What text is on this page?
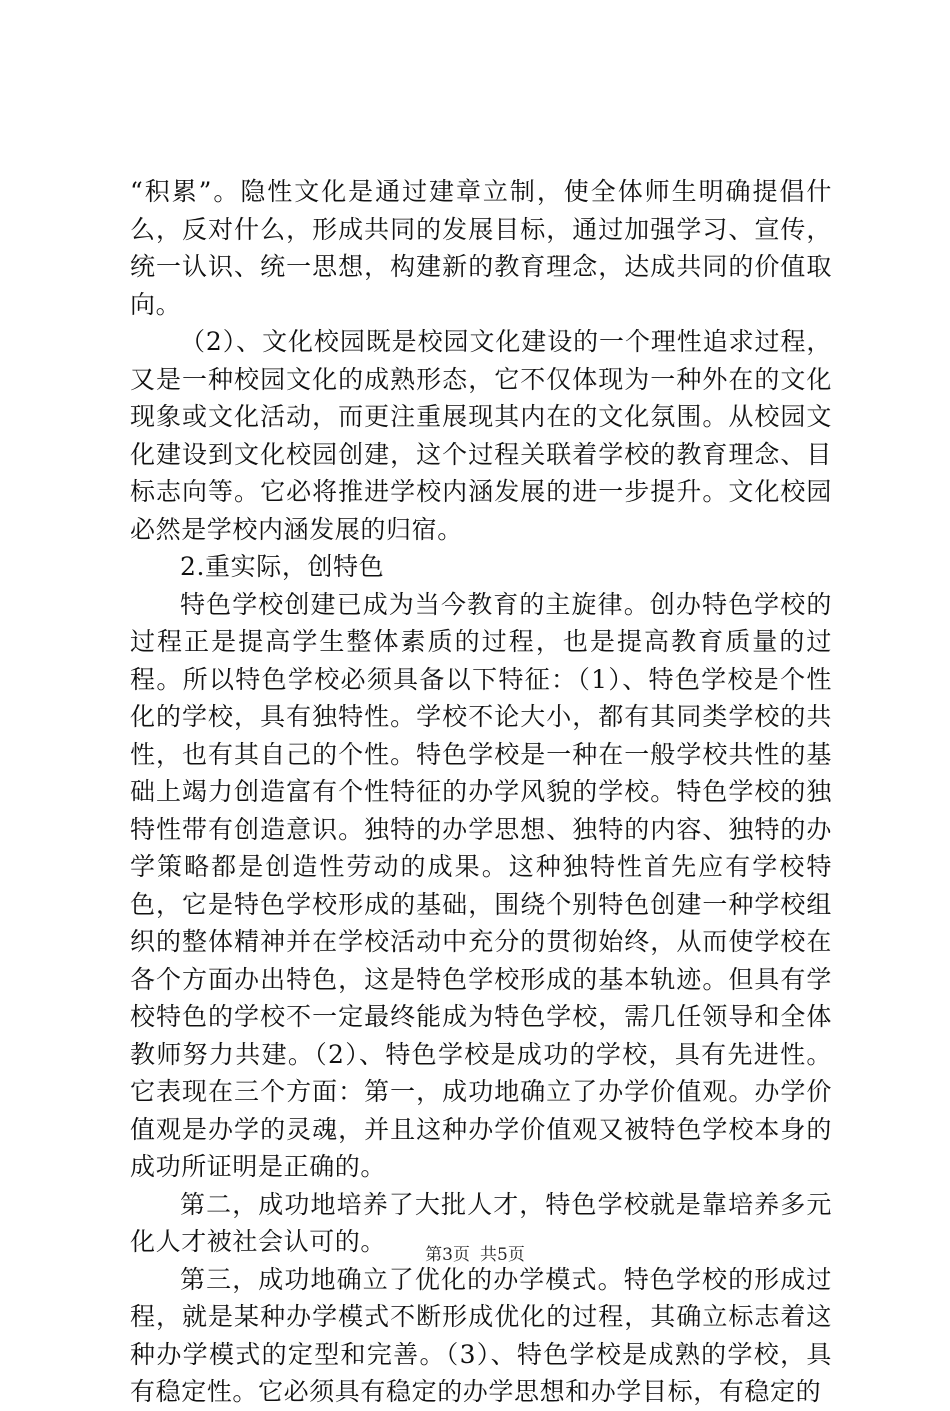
“积累”。隐性文化是通过建章立制，使全体师生明确提倡什么，反对什么，形成共同的发展目标，通过加强学习、宣传，统一认识、统一思想，构建新的教育理念，达成共同的价值取向。

（2）、文化校园既是校园文化建设的一个理性追求过程，又是一种校园文化的成熟形态，它不仅体现为一种外在的文化现象或文化活动，而更注重展现其内在的文化氛围。从校园文化建设到文化校园创建，这个过程关联着学校的教育理念、目标志向等。它必将推进学校内涵发展的进一步提升。文化校园必然是学校内涵发展的归宿。

2.重实际，创特色

特色学校创建已成为当今教育的主旋律。创办特色学校的过程正是提高学生整体素质的过程，也是提高教育质量的过程。所以特色学校必须具备以下特征：（1）、特色学校是个性化的学校，具有独特性。学校不论大小，都有其同类学校的共性，也有其自己的个性。特色学校是一种在一般学校共性的基础上竭力创造富有个性特征的办学风貌的学校。特色学校的独特性带有创造意识。独特的办学思想、独特的内容、独特的办学策略都是创造性劳动的成果。这种独特性首先应有学校特色，它是特色学校形成的基础，围绕个别特色创建一种学校组织的整体精神并在学校活动中充分的贯彻始终，从而使学校在各个方面办出特色，这是特色学校形成的基本轨迹。但具有学校特色的学校不一定最终能成为特色学校，需几任领导和全体教师努力共建。（2）、特色学校是成功的学校，具有先进性。它表现在三个方面：第一，成功地确立了办学价值观。办学价值观是办学的灵魂，并且这种办学价值观又被特色学校本身的成功所证明是正确的。

第二，成功地培养了大批人才，特色学校就是靠培养多元化人才被社会认可的。

第三，成功地确立了优化的办学模式。特色学校的形成过程，就是某种办学模式不断形成优化的过程，其确立标志着这种办学模式的定型和完善。（3）、特色学校是成熟的学校，具有稳定性。它必须具有稳定的办学思想和办学目标，有稳定的

第3页 共5页
